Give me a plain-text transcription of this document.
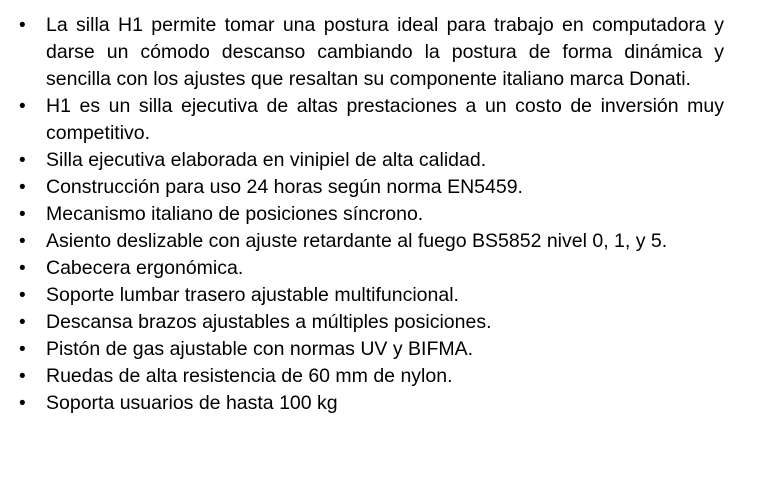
•	La silla H1 permite tomar una postura ideal para trabajo en computadora y darse un cómodo descanso cambiando la postura de forma dinámica y sencilla con los ajustes que resaltan su componente italiano marca Donati.
•	H1 es un silla ejecutiva de altas prestaciones a un costo de inversión muy competitivo.
•	Silla ejecutiva elaborada en vinipiel de alta calidad.
•	Construcción para uso 24 horas según norma EN5459.
•	Mecanismo italiano de posiciones síncrono.
•	Asiento deslizable con ajuste retardante al fuego BS5852 nivel 0, 1, y 5.
•	Cabecera ergonómica.
•	Soporte lumbar trasero ajustable multifuncional.
•	Descansa brazos ajustables a múltiples posiciones.
•	Pistón de gas ajustable con normas UV y BIFMA.
•	Ruedas de alta resistencia de 60 mm de nylon.
•	Soporta usuarios de hasta 100 kg
